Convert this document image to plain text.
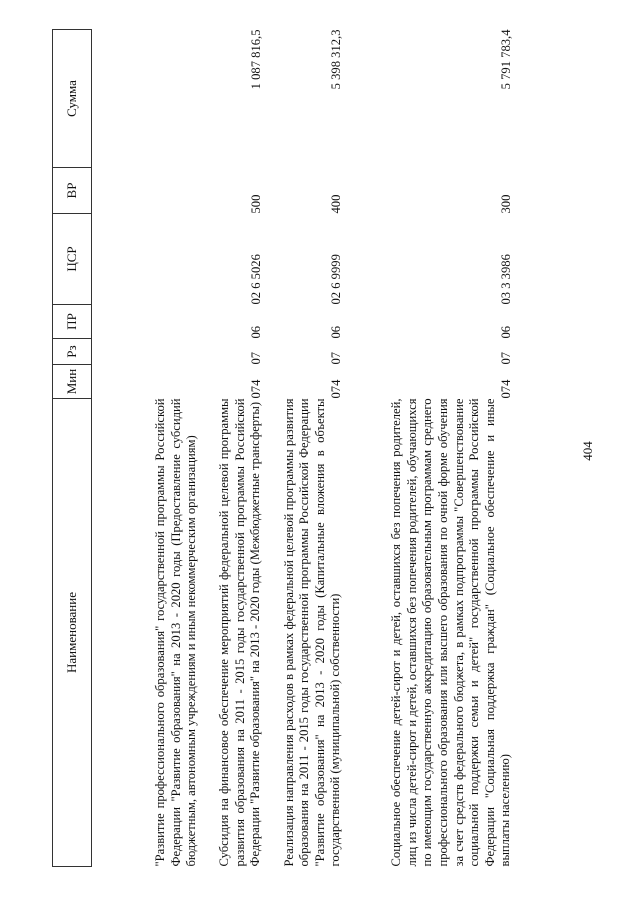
404
Наименование	Мин	Рз	ПР	ЦСР	ВР	Сумма
"Развитие профессионального образования" государственной программы Российской Федерации "Развитие образования" на 2013 - 2020 годы (Предоставление субсидий бюджетным, автономным учреждениям и иным некоммерческим организациям)						
Субсидия на финансовое обеспечение мероприятий федеральной целевой программы развития образования на 2011 - 2015 годы государственной программы Российской Федерации "Развитие образования" на 2013 - 2020 годы (Межбюджетные трансферты)	074	07	06	02 6 5026	500	1 087 816,5
Реализация направления расходов в рамках федеральной целевой программы развития образования на 2011 - 2015 годы государственной программы Российской Федерации "Развитие образования" на 2013 - 2020 годы (Капитальные вложения в объекты государственной (муниципальной) собственности)	074	07	06	02 6 9999	400	5 398 312,3
Социальное обеспечение детей-сирот и детей, оставшихся без попечения родителей, лиц из числа детей-сирот и детей, оставшихся без попечения родителей, обучающихся по имеющим государственную аккредитацию образовательным программам среднего профессионального образования или высшего образования по очной форме обучения за счет средств федерального бюджета, в рамках подпрограммы "Совершенствование социальной поддержки семьи и детей" государственной программы Российской Федерации "Социальная поддержка граждан" (Социальное обеспечение и иные выплаты населению)	074	07	06	03 3 3986	300	5 791 783,4
